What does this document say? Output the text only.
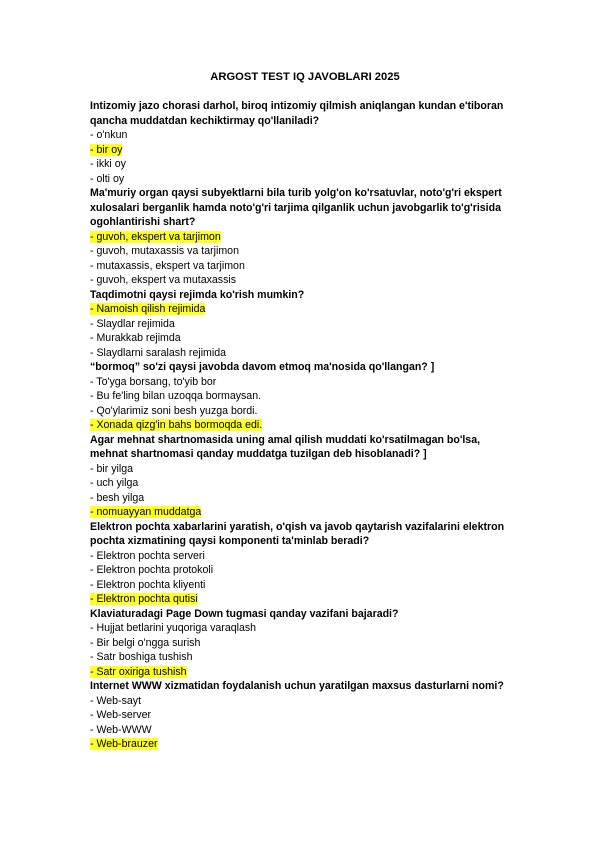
ARGOST TEST IQ JAVOBLARI 2025
Intizomiy jazo chorasi darhol, biroq intizomiy qilmish aniqlangan kundan e'tiboran qancha muddatdan kechiktirmay qo'llaniladi?
- o'nkun
- bir oy
- ikki oy
- olti oy
Ma'muriy organ qaysi subyektlarni bila turib yolg'on ko'rsatuvlar, noto'g'ri ekspert xulosalari berganlik hamda noto'g'ri tarjima qilganlik uchun javobgarlik to'g'risida ogohlantirishi shart?
- guvoh, ekspert va tarjimon
- guvoh, mutaxassis va tarjimon
- mutaxassis, ekspert va tarjimon
- guvoh, ekspert va mutaxassis
Taqdimotni qaysi rejimda ko'rish mumkin?
- Namoish qilish rejimida
- Slaydlar rejimida
- Murakkab rejimda
- Slaydlarni saralash rejimida
“bormoq” so'zi qaysi javobda davom etmoq ma'nosida qo'llangan? ]
- To'yga borsang, to'yib bor
- Bu fe'ling bilan uzoqqa bormaysan.
- Qo'ylarimiz soni besh yuzga bordi.
- Xonada qizg'in bahs bormoqda edi.
Agar mehnat shartnomasida uning amal qilish muddati ko'rsatilmagan bo'lsa, mehnat shartnomasi qanday muddatga tuzilgan deb hisoblanadi? ]
- bir yilga
- uch yilga
- besh yilga
- nomuayyan muddatga
Elektron pochta xabarlarini yaratish, o'qish va javob qaytarish vazifalarini elektron pochta xizmatining qaysi komponenti ta'minlab beradi?
- Elektron pochta serveri
- Elektron pochta protokoli
- Elektron pochta kliyenti
- Elektron pochta qutisi
Klaviaturadagi Page Down tugmasi qanday vazifani bajaradi?
- Hujjat betlarini yuqoriga varaqlash
- Bir belgi o'ngga surish
- Satr boshiga tushish
- Satr oxiriga tushish
Internet WWW xizmatidan foydalanish uchun yaratilgan maxsus dasturlarni nomi?
- Web-sayt
- Web-server
- Web-WWW
- Web-brauzer
